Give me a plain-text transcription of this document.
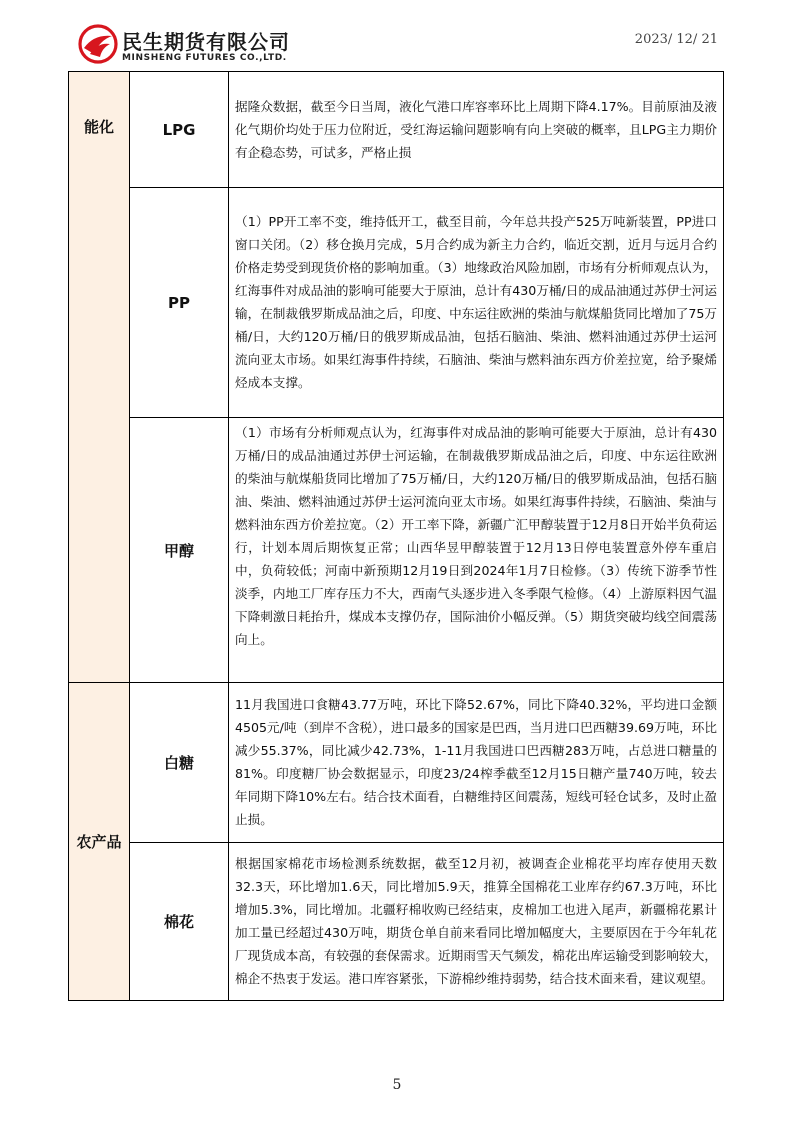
民生期货有限公司
MINSHENG FUTURES CO.,LTD.
2023/ 12/ 21
能化	LPG	据隆众数据，截至今日当周，液化气港口库容率环比上周期下降4.17%。目前原油及液化气期价均处于压力位附近，受红海运输问题影响有向上突破的概率，且LPG主力期价有企稳态势，可试多，严格止损
	PP	（1）PP开工率不变，维持低开工，截至目前，今年总共投产525万吨新装置，PP进口窗口关闭。（2）移仓换月完成，5月合约成为新主力合约，临近交割，近月与远月合约价格走势受到现货价格的影响加重。（3）地缘政治风险加剧，市场有分析师观点认为，红海事件对成品油的影响可能要大于原油，总计有430万桶/日的成品油通过苏伊士河运输，在制裁俄罗斯成品油之后，印度、中东运往欧洲的柴油与航煤船货同比增加了75万桶/日，大约120万桶/日的俄罗斯成品油，包括石脑油、柴油、燃料油通过苏伊士运河流向亚太市场。如果红海事件持续，石脑油、柴油与燃料油东西方价差拉宽，给予聚烯烃成本支撑。
	甲醇	（1）市场有分析师观点认为，红海事件对成品油的影响可能要大于原油，总计有430万桶/日的成品油通过苏伊士河运输，在制裁俄罗斯成品油之后，印度、中东运往欧洲的柴油与航煤船货同比增加了75万桶/日，大约120万桶/日的俄罗斯成品油，包括石脑油、柴油、燃料油通过苏伊士运河流向亚太市场。如果红海事件持续，石脑油、柴油与燃料油东西方价差拉宽。（2）开工率下降，新疆广汇甲醇装置于12月8日开始半负荷运行，计划本周后期恢复正常；山西华昱甲醇装置于12月13日停电装置意外停车重启中，负荷较低；河南中新预期12月19日到2024年1月7日检修。（3）传统下游季节性淡季，内地工厂库存压力不大，西南气头逐步进入冬季限气检修。（4）上游原料因气温下降刺激日耗抬升，煤成本支撑仍存，国际油价小幅反弹。（5）期货突破均线空间震荡向上。
农产品	白糖	11月我国进口食糖43.77万吨，环比下降52.67%，同比下降40.32%，平均进口金额4505元/吨（到岸不含税），进口最多的国家是巴西，当月进口巴西糖39.69万吨，环比减少55.37%，同比减少42.73%，1-11月我国进口巴西糖283万吨，占总进口糖量的81%。印度糖厂协会数据显示，印度23/24榨季截至12月15日糖产量740万吨，较去年同期下降10%左右。结合技术面看，白糖维持区间震荡，短线可轻仓试多，及时止盈止损。
	棉花	根据国家棉花市场检测系统数据，截至12月初，被调查企业棉花平均库存使用天数32.3天，环比增加1.6天，同比增加5.9天，推算全国棉花工业库存约67.3万吨，环比增加5.3%，同比增加。北疆籽棉收购已经结束，皮棉加工也进入尾声，新疆棉花累计加工量已经超过430万吨，期货仓单自前来看同比增加幅度大，主要原因在于今年轧花厂现货成本高，有较强的套保需求。近期雨雪天气频发，棉花出库运输受到影响较大，棉企不热衷于发运。港口库容紧张，下游棉纱维持弱势，结合技术面来看，建议观望。
5
